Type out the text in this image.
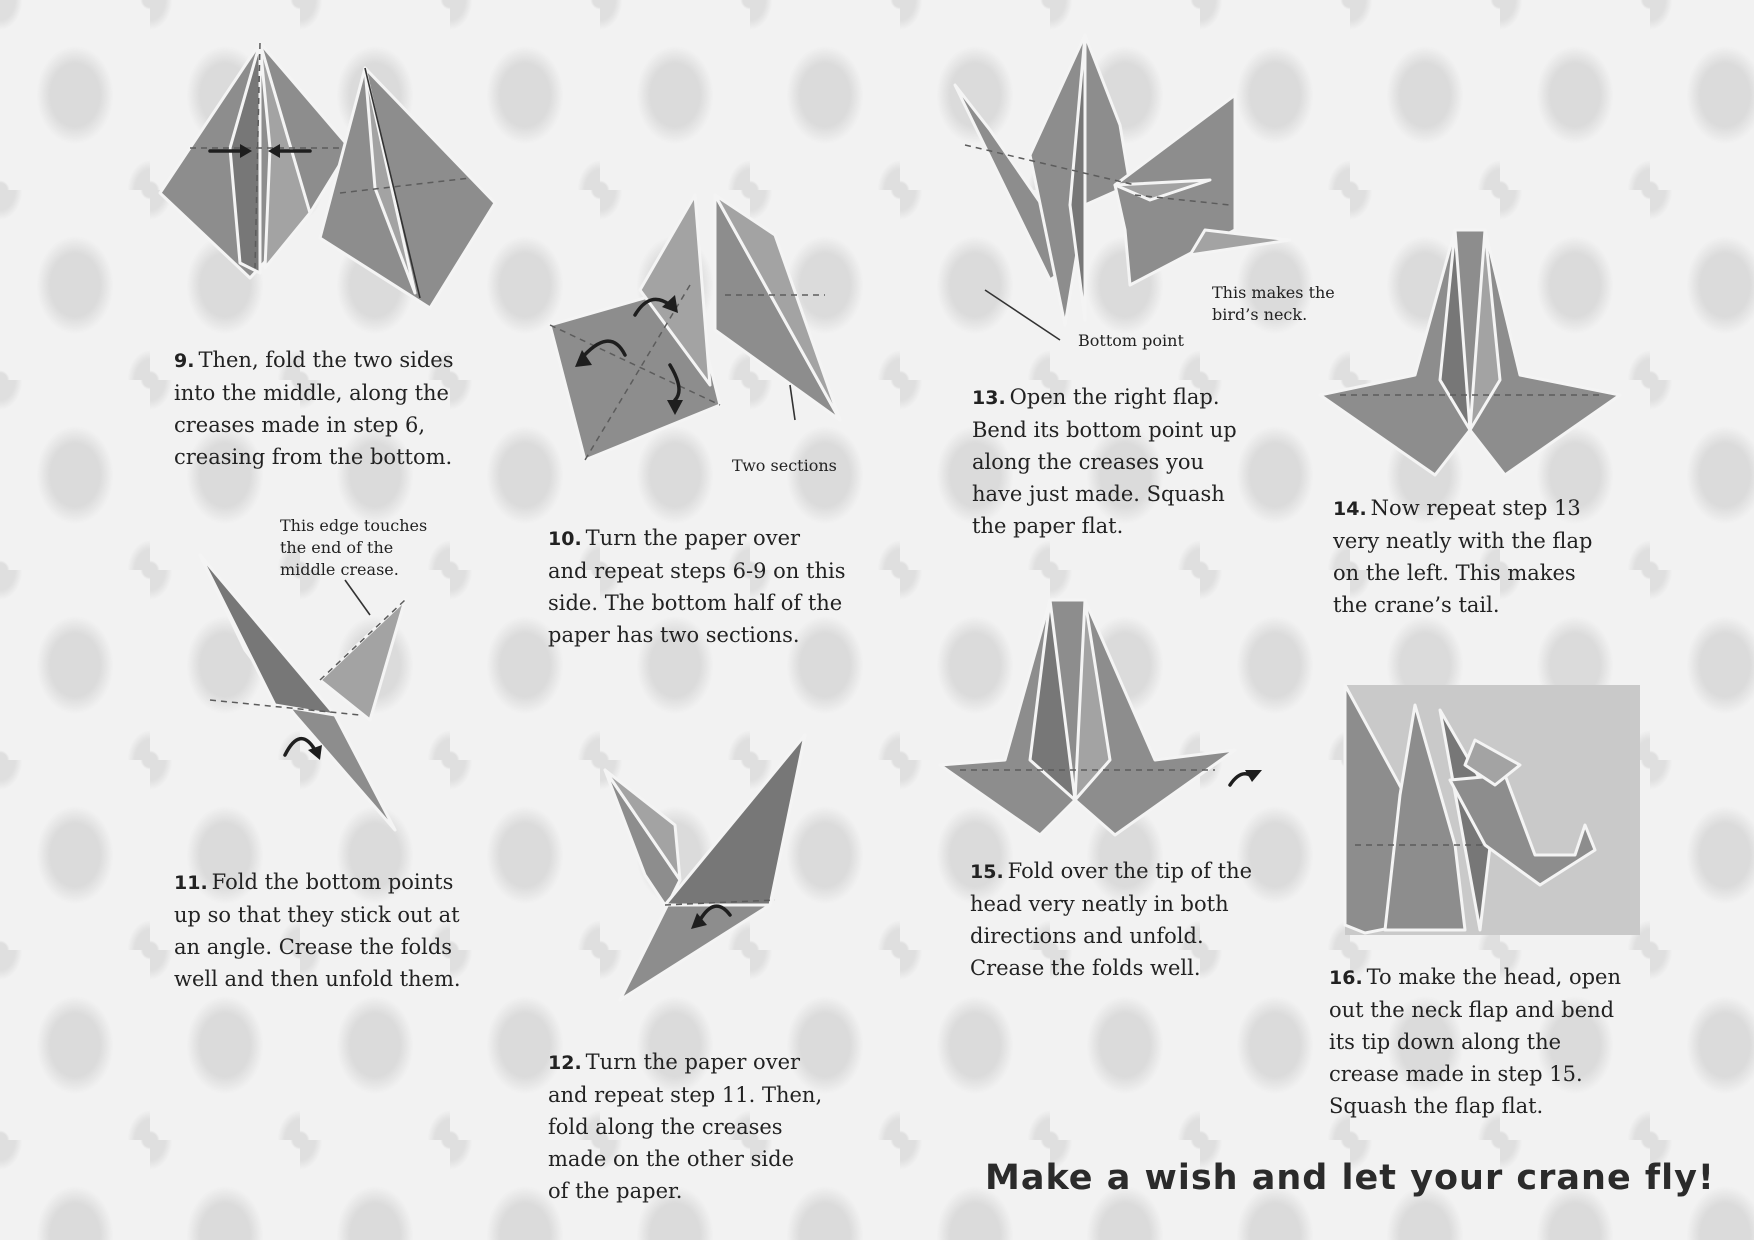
9. Then, fold the two sides
into the middle, along the
creases made in step 6,
creasing from the bottom.
10. Turn the paper over
and repeat steps 6-9 on this
side. The bottom half of the
paper has two sections.
11. Fold the bottom points
up so that they stick out at
an angle. Crease the folds
well and then unfold them.
12. Turn the paper over
and repeat step 11. Then,
fold along the creases
made on the other side
of the paper.
13. Open the right flap.
Bend its bottom point up
along the creases you
have just made. Squash
the paper flat.
14. Now repeat step 13
very neatly with the flap
on the left. This makes
the crane’s tail.
15. Fold over the tip of the
head very neatly in both
directions and unfold.
Crease the folds well.	16. To make the head, open
out the neck flap and bend
its tip down along the
crease made in step 15.
Squash the flap flat.
Two sections
This edge touches
the end of the
middle crease.
Bottom point
This makes the
bird’s neck.
Make a wish and let your crane fly!
